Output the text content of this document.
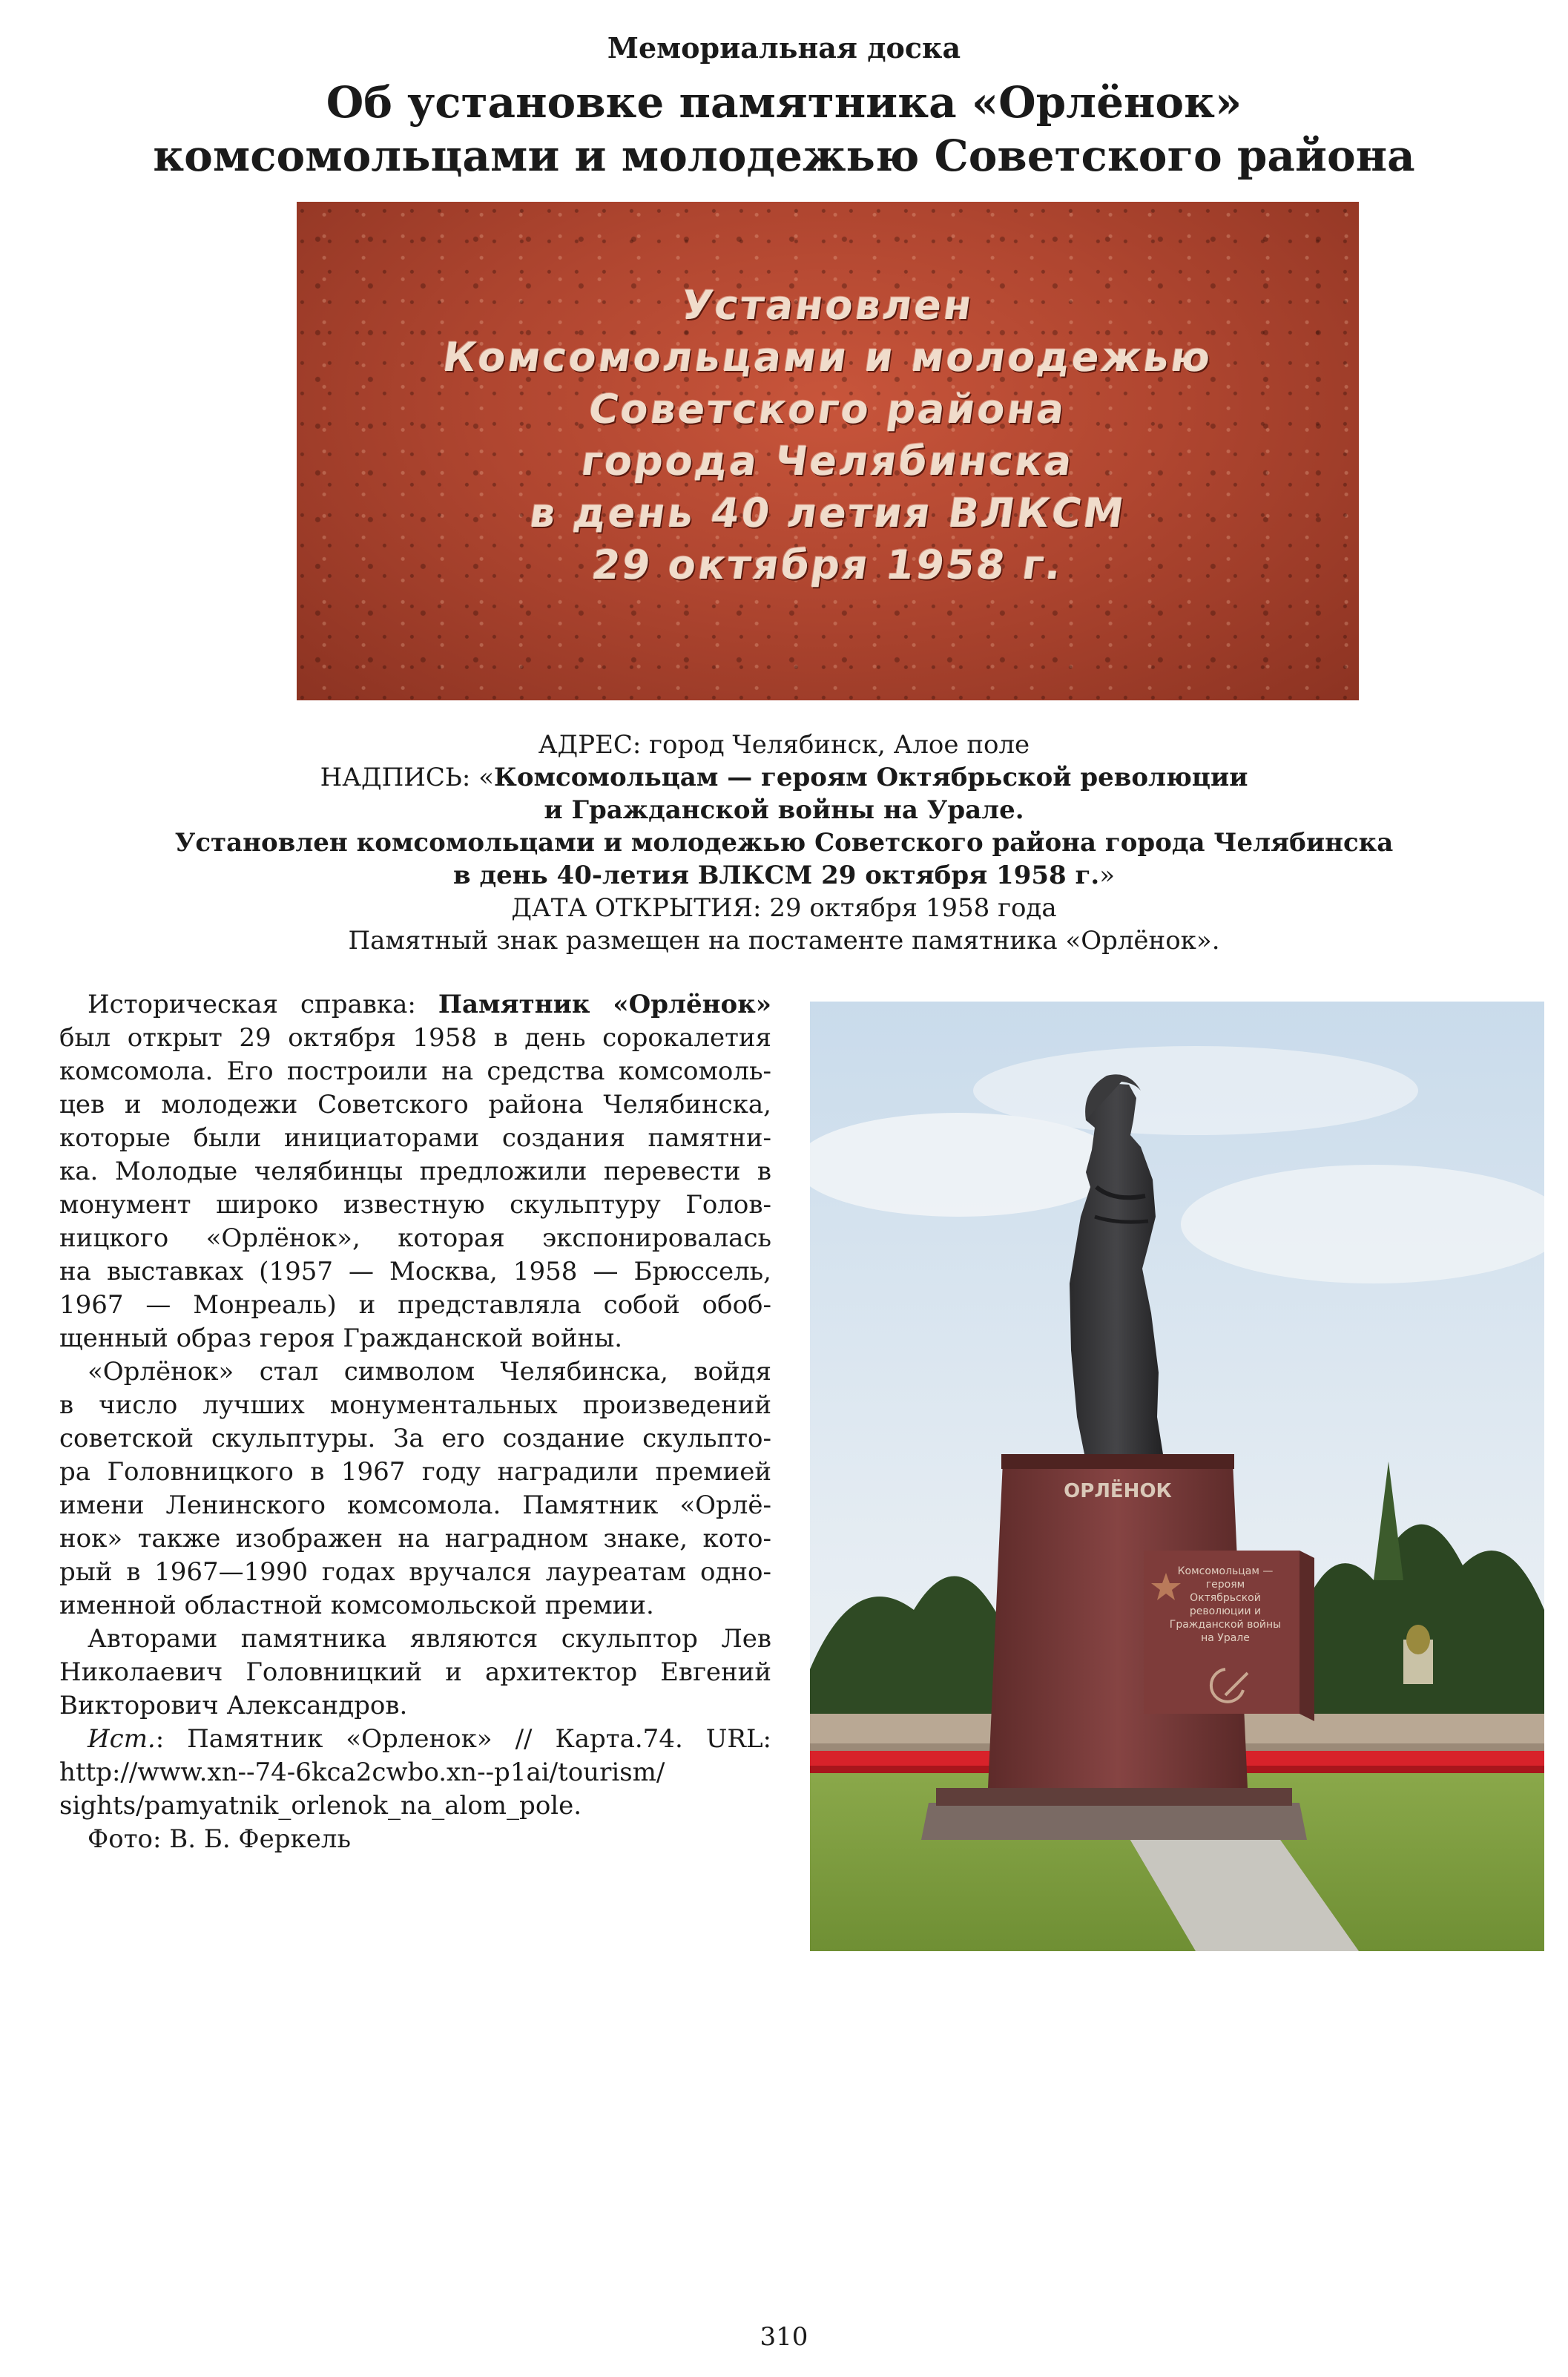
Мемориальная доска
Об установке памятника «Орлёнок»
комсомольцами и молодежью Советского района
Установлен
Комсомольцами и молодежью
Советского района
города Челябинска
в день 40 летия ВЛКСМ
29 октября 1958 г.
АДРЕС: город Челябинск, Алое поле
НАДПИСЬ: «Комсомольцам — героям Октябрьской революции
и Гражданской войны на Урале.
Установлен комсомольцами и молодежью Советского района города Челябинска
в день 40-летия ВЛКСМ 29 октября 1958 г.»
ДАТА ОТКРЫТИЯ: 29 октября 1958 года
Памятный знак размещен на постаменте памятника «Орлёнок».
Историческая справка: Памятник «Орлёнок»
был открыт 29 октября 1958 в день сорокалетия
комсомола. Его построили на средства комсомоль-
цев и молодежи Советского района Челябинска,
которые были инициаторами создания памятни-
ка. Молодые челябинцы предложили перевести в
монумент широко известную скульптуру Голов-
ницкого «Орлёнок», которая экспонировалась
на выставках (1957 — Москва, 1958 — Брюссель,
1967 — Монреаль) и представляла собой обоб-
щенный образ героя Гражданской войны.
«Орлёнок» стал символом Челябинска, войдя
в число лучших монументальных произведений
советской скульптуры. За его создание скульпто-
ра Головницкого в 1967 году наградили премией
имени Ленинского комсомола. Памятник «Орлё-
нок» также изображен на наградном знаке, кото-
рый в 1967—1990 годах вручался лауреатам одно-
именной областной комсомольской премии.
Авторами памятника являются скульптор Лев
Николаевич Головницкий и архитектор Евгений
Викторович Александров.
Ист.: Памятник «Орленок» // Карта.74. URL:
http://www.xn--74-6kca2cwbo.xn--p1ai/tourism/
sights/pamyatnik_orlenok_na_alom_pole.
Фото: В. Б. Феркель
ОРЛЁНОК
Комсомольцам —
героям
Октябрьской
революции и
Гражданской войны
на Урале
310
